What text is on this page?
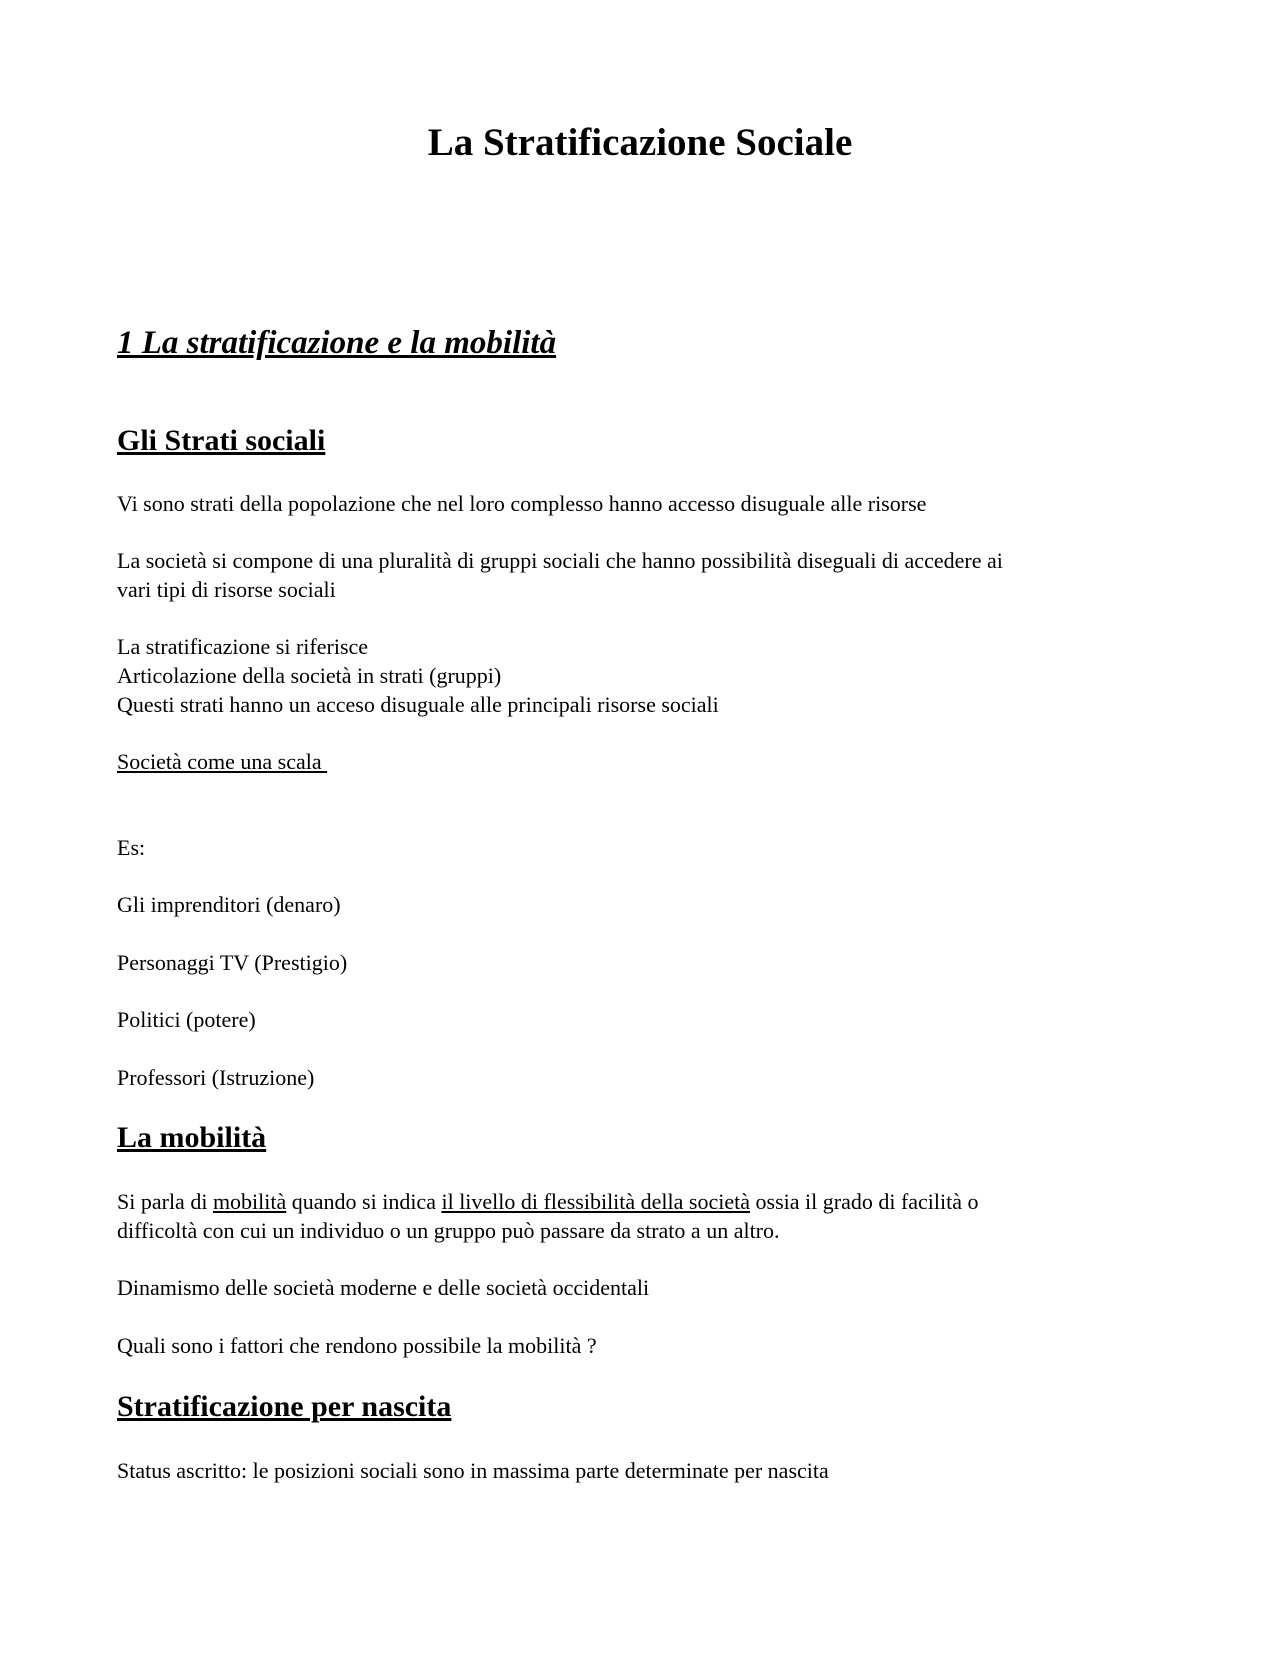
La Stratificazione Sociale
1 La stratificazione e la mobilità
Gli Strati sociali

Vi sono strati della popolazione che nel loro complesso hanno accesso disuguale alle risorse

La società si compone di una pluralità di gruppi sociali che hanno possibilità diseguali di accedere ai

vari tipi di risorse sociali

La stratificazione si riferisce

Articolazione della società in strati (gruppi)

Questi strati hanno un acceso disuguale alle principali risorse sociali

Società come una scala

Es:

Gli imprenditori (denaro)

Personaggi TV (Prestigio)

Politici (potere)

Professori (Istruzione)

La mobilità

Si parla di mobilità quando si indica il livello di flessibilità della società ossia il grado di facilità o

difficoltà con cui un individuo o un gruppo può passare da strato a un altro.

Dinamismo delle società moderne e delle società occidentali

Quali sono i fattori che rendono possibile la mobilità ?

Stratificazione per nascita

Status ascritto: le posizioni sociali sono in massima parte determinate per nascita
